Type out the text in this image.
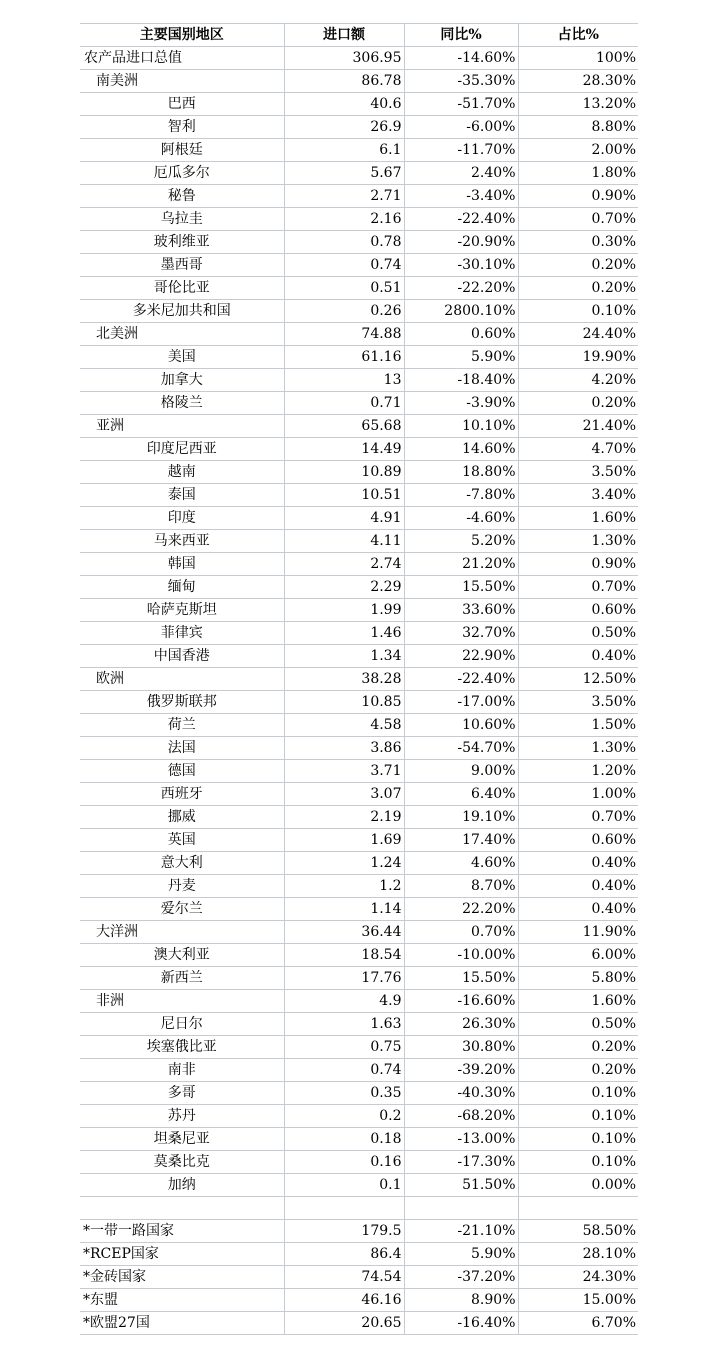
主要国别地区	进口额	同比%	占比%
农产品进口总值	306.95	-14.60%	100%
南美洲	86.78	-35.30%	28.30%
巴西	40.6	-51.70%	13.20%
智利	26.9	-6.00%	8.80%
阿根廷	6.1	-11.70%	2.00%
厄瓜多尔	5.67	2.40%	1.80%
秘鲁	2.71	-3.40%	0.90%
乌拉圭	2.16	-22.40%	0.70%
玻利维亚	0.78	-20.90%	0.30%
墨西哥	0.74	-30.10%	0.20%
哥伦比亚	0.51	-22.20%	0.20%
多米尼加共和国	0.26	2800.10%	0.10%
北美洲	74.88	0.60%	24.40%
美国	61.16	5.90%	19.90%
加拿大	13	-18.40%	4.20%
格陵兰	0.71	-3.90%	0.20%
亚洲	65.68	10.10%	21.40%
印度尼西亚	14.49	14.60%	4.70%
越南	10.89	18.80%	3.50%
泰国	10.51	-7.80%	3.40%
印度	4.91	-4.60%	1.60%
马来西亚	4.11	5.20%	1.30%
韩国	2.74	21.20%	0.90%
缅甸	2.29	15.50%	0.70%
哈萨克斯坦	1.99	33.60%	0.60%
菲律宾	1.46	32.70%	0.50%
中国香港	1.34	22.90%	0.40%
欧洲	38.28	-22.40%	12.50%
俄罗斯联邦	10.85	-17.00%	3.50%
荷兰	4.58	10.60%	1.50%
法国	3.86	-54.70%	1.30%
德国	3.71	9.00%	1.20%
西班牙	3.07	6.40%	1.00%
挪威	2.19	19.10%	0.70%
英国	1.69	17.40%	0.60%
意大利	1.24	4.60%	0.40%
丹麦	1.2	8.70%	0.40%
爱尔兰	1.14	22.20%	0.40%
大洋洲	36.44	0.70%	11.90%
澳大利亚	18.54	-10.00%	6.00%
新西兰	17.76	15.50%	5.80%
非洲	4.9	-16.60%	1.60%
尼日尔	1.63	26.30%	0.50%
埃塞俄比亚	0.75	30.80%	0.20%
南非	0.74	-39.20%	0.20%
多哥	0.35	-40.30%	0.10%
苏丹	0.2	-68.20%	0.10%
坦桑尼亚	0.18	-13.00%	0.10%
莫桑比克	0.16	-17.30%	0.10%
加纳	0.1	51.50%	0.00%

*一带一路国家	179.5	-21.10%	58.50%
*RCEP国家	86.4	5.90%	28.10%
*金砖国家	74.54	-37.20%	24.30%
*东盟	46.16	8.90%	15.00%
*欧盟27国	20.65	-16.40%	6.70%
